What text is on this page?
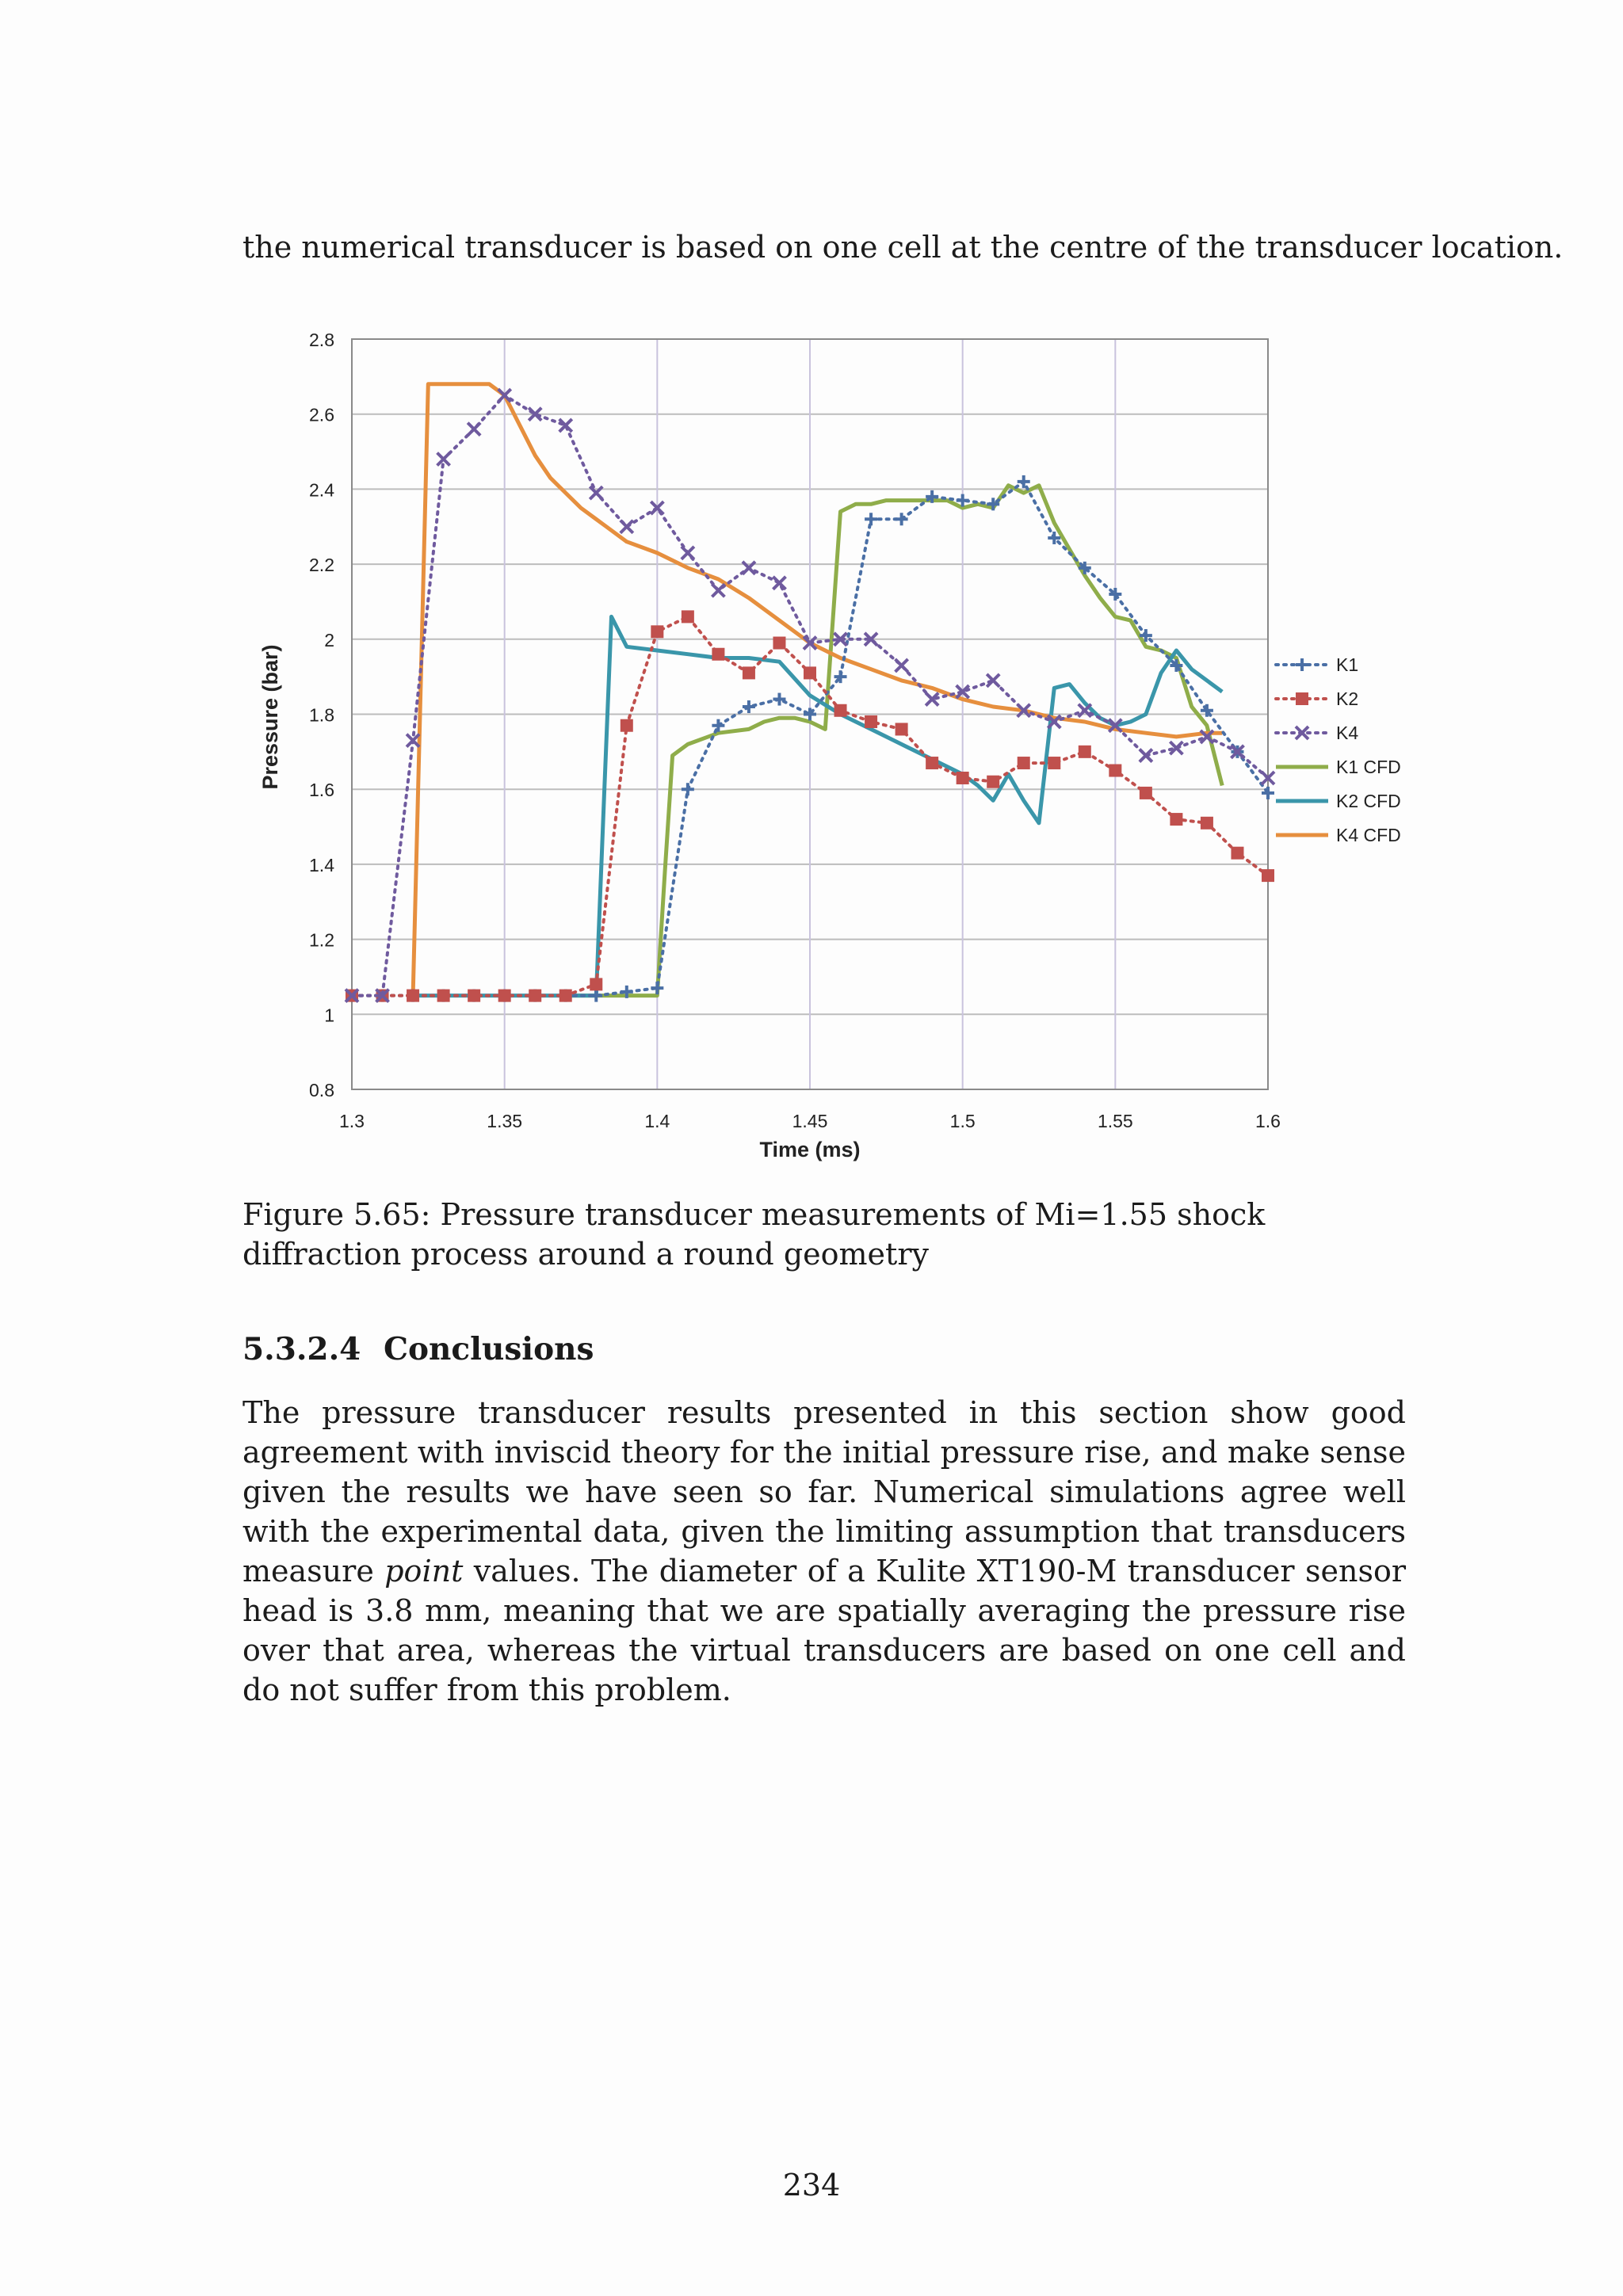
the numerical transducer is based on one cell at the centre of the transducer location.
0.8
1
1.2
1.4
1.6
1.8
2
2.2
2.4
2.6
2.8
1.3	1.35	1.4	1.45	1.5	1.55	1.6
K1
K2
K4
K1 CFD
K2 CFD
K4 CFD
Time (ms)
Pressure (bar)
Figure 5.65: Pressure transducer measurements of Mi=1.55 shock diffraction process around a round geometry
5.3.2.4 Conclusions
The pressure transducer results presented in this section show good agreement with inviscid theory for the initial pressure rise, and make sense given the results we have seen so far. Numerical simulations agree well with the experimental data, given the limiting assumption that transducers measure point values. The diameter of a Kulite XT190-M transducer sensor head is 3.8 mm, meaning that we are spatially averaging the pressure rise over that area, whereas the virtual transducers are based on one cell and do not suffer from this problem.
234
